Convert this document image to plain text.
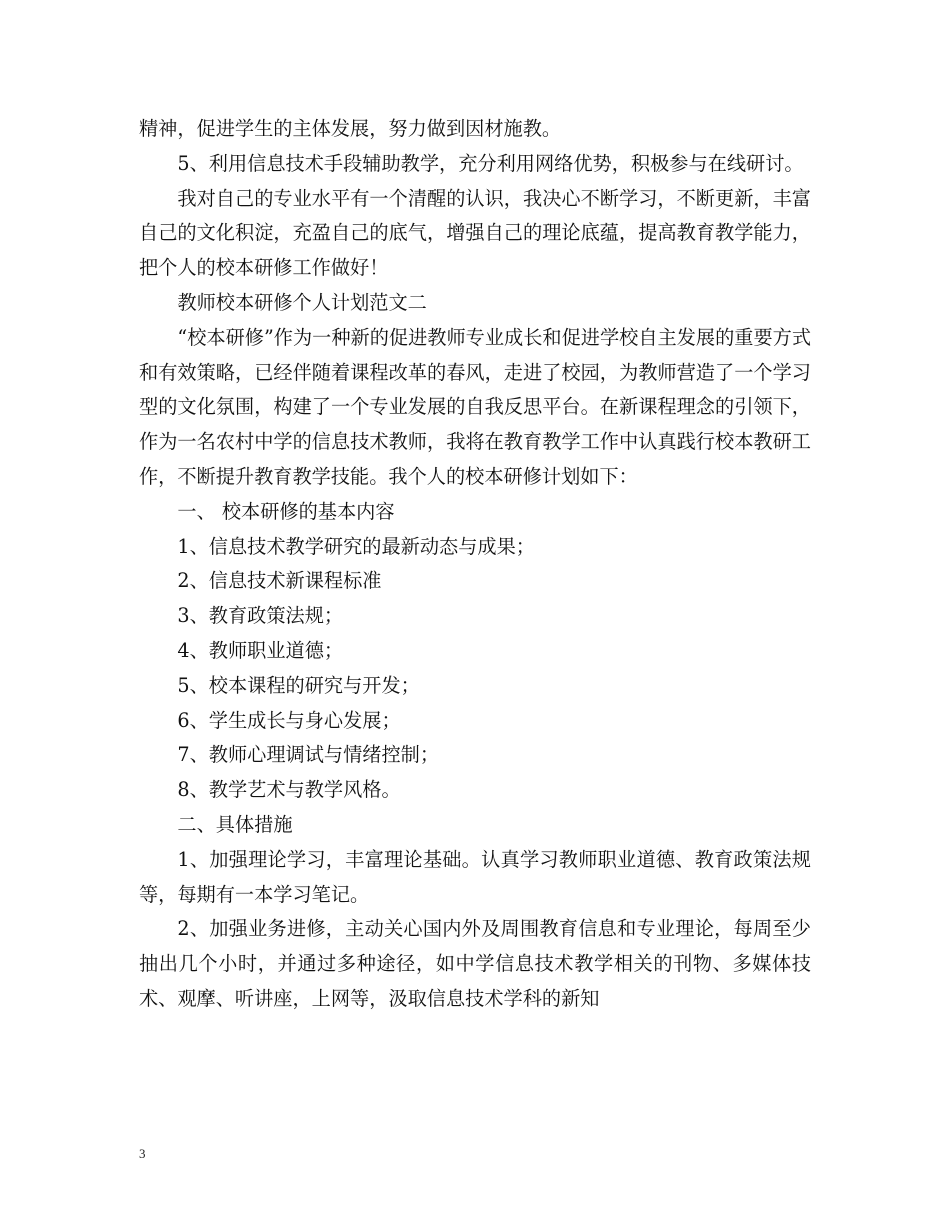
精神，促进学生的主体发展，努力做到因材施教。

5、利用信息技术手段辅助教学，充分利用网络优势，积极参与在线研讨。

我对自己的专业水平有一个清醒的认识，我决心不断学习，不断更新，丰富自己的文化积淀，充盈自己的底气，增强自己的理论底蕴，提高教育教学能力，把个人的校本研修工作做好！

教师校本研修个人计划范文二

“校本研修”作为一种新的促进教师专业成长和促进学校自主发展的重要方式和有效策略，已经伴随着课程改革的春风，走进了校园，为教师营造了一个学习型的文化氛围，构建了一个专业发展的自我反思平台。在新课程理念的引领下，作为一名农村中学的信息技术教师，我将在教育教学工作中认真践行校本教研工作，不断提升教育教学技能。我个人的校本研修计划如下：

一、 校本研修的基本内容

1、信息技术教学研究的最新动态与成果；

2、信息技术新课程标准

3、教育政策法规；

4、教师职业道德；

5、校本课程的研究与开发；

6、学生成长与身心发展；

7、教师心理调试与情绪控制；

8、教学艺术与教学风格。

二、具体措施

1、加强理论学习，丰富理论基础。认真学习教师职业道德、教育政策法规等，每期有一本学习笔记。

2、加强业务进修，主动关心国内外及周围教育信息和专业理论，每周至少抽出几个小时，并通过多种途径，如中学信息技术教学相关的刊物、多媒体技术、观摩、听讲座，上网等，汲取信息技术学科的新知

3
